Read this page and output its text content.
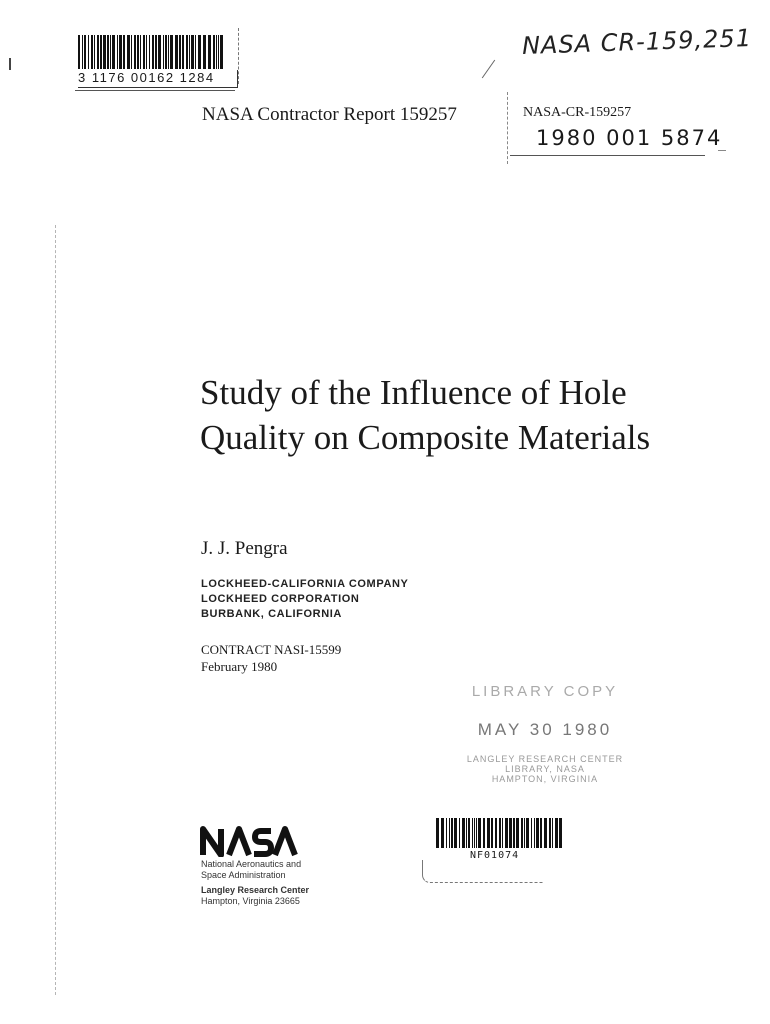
3 1176 00162 1284
NASA CR-159,251
NASA Contractor Report 159257	NASA-CR-159257
1980 001 5874
Study of the Influence of Hole
Quality on Composite Materials
J. J. Pengra
LOCKHEED-CALIFORNIA COMPANY
LOCKHEED CORPORATION
BURBANK, CALIFORNIA
CONTRACT NASI-15599
February 1980
LIBRARY COPY
MAY 30 1980
LANGLEY RESEARCH CENTER
LIBRARY, NASA
HAMPTON, VIRGINIA
NF01074
National Aeronautics and
Space Administration
Langley Research Center
Hampton, Virginia 23665
